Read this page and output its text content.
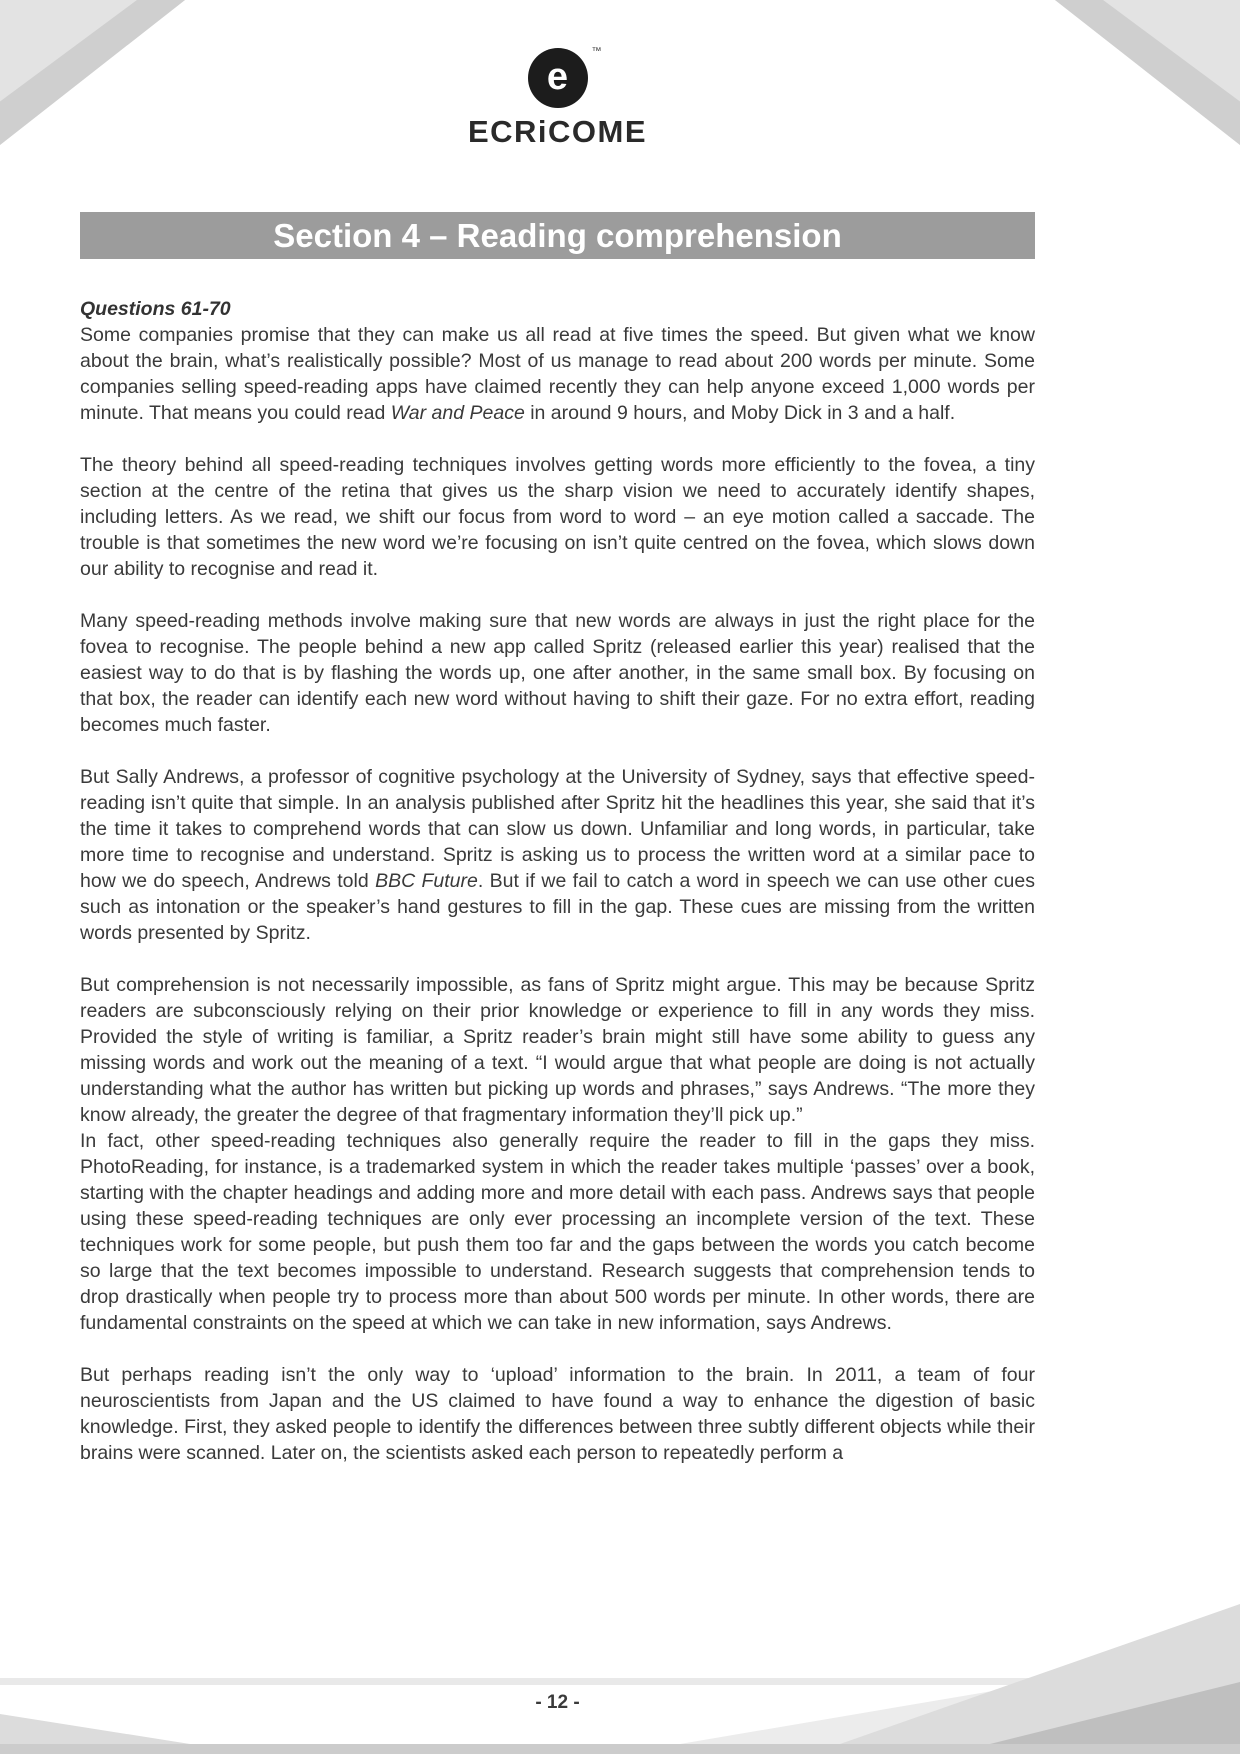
e
™
ECRiCOME
Section 4 – Reading comprehension
Questions 61-70

Some companies promise that they can make us all read at five times the speed. But given what we know about the brain, what’s realistically possible? Most of us manage to read about 200 words per minute. Some companies selling speed-reading apps have claimed recently they can help anyone exceed 1,000 words per minute. That means you could read War and Peace in around 9 hours, and Moby Dick in 3 and a half.

The theory behind all speed-reading techniques involves getting words more efficiently to the fovea, a tiny section at the centre of the retina that gives us the sharp vision we need to accurately identify shapes, including letters. As we read, we shift our focus from word to word – an eye motion called a saccade. The trouble is that sometimes the new word we’re focusing on isn’t quite centred on the fovea, which slows down our ability to recognise and read it.

Many speed-reading methods involve making sure that new words are always in just the right place for the fovea to recognise. The people behind a new app called Spritz (released earlier this year) realised that the easiest way to do that is by flashing the words up, one after another, in the same small box. By focusing on that box, the reader can identify each new word without having to shift their gaze. For no extra effort, reading becomes much faster.

But Sally Andrews, a professor of cognitive psychology at the University of Sydney, says that effective speed-reading isn’t quite that simple. In an analysis published after Spritz hit the headlines this year, she said that it’s the time it takes to comprehend words that can slow us down. Unfamiliar and long words, in particular, take more time to recognise and understand. Spritz is asking us to process the written word at a similar pace to how we do speech, Andrews told BBC Future. But if we fail to catch a word in speech we can use other cues such as intonation or the speaker’s hand gestures to fill in the gap. These cues are missing from the written words presented by Spritz.

But comprehension is not necessarily impossible, as fans of Spritz might argue. This may be because Spritz readers are subconsciously relying on their prior knowledge or experience to fill in any words they miss. Provided the style of writing is familiar, a Spritz reader’s brain might still have some ability to guess any missing words and work out the meaning of a text. “I would argue that what people are doing is not actually understanding what the author has written but picking up words and phrases,” says Andrews. “The more they know already, the greater the degree of that fragmentary information they’ll pick up.”

In fact, other speed-reading techniques also generally require the reader to fill in the gaps they miss. PhotoReading, for instance, is a trademarked system in which the reader takes multiple ‘passes’ over a book, starting with the chapter headings and adding more and more detail with each pass. Andrews says that people using these speed-reading techniques are only ever processing an incomplete version of the text. These techniques work for some people, but push them too far and the gaps between the words you catch become so large that the text becomes impossible to understand. Research suggests that comprehension tends to drop drastically when people try to process more than about 500 words per minute. In other words, there are fundamental constraints on the speed at which we can take in new information, says Andrews.

But perhaps reading isn’t the only way to ‘upload’ information to the brain. In 2011, a team of four neuroscientists from Japan and the US claimed to have found a way to enhance the digestion of basic knowledge. First, they asked people to identify the differences between three subtly different objects while their brains were scanned. Later on, the scientists asked each person to repeatedly perform a

- 12 -
